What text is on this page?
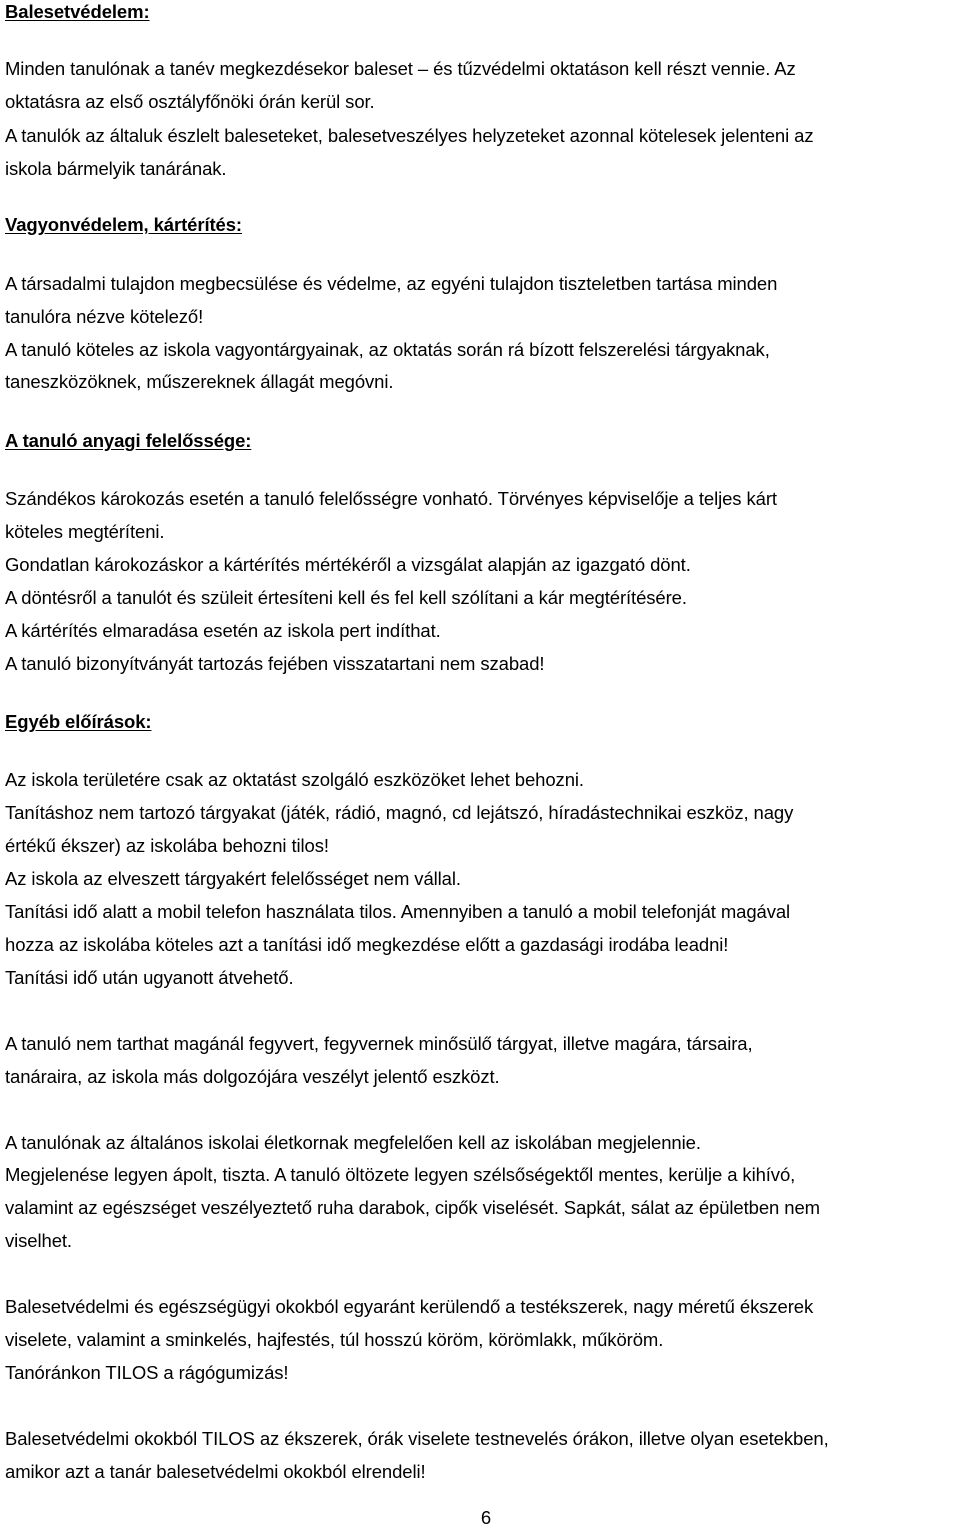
Balesetvédelem:
Minden tanulónak a tanév megkezdésekor baleset – és tűzvédelmi oktatáson kell részt vennie. Az
oktatásra az első osztályfőnöki órán kerül sor.
A tanulók az általuk észlelt baleseteket, balesetveszélyes helyzeteket azonnal kötelesek jelenteni az
iskola bármelyik tanárának.
Vagyonvédelem, kártérítés:
A társadalmi tulajdon megbecsülése és védelme, az egyéni tulajdon tiszteletben tartása minden
tanulóra nézve kötelező!
A tanuló köteles az iskola vagyontárgyainak, az oktatás során rá bízott felszerelési tárgyaknak,
taneszközöknek, műszereknek állagát megóvni.
A tanuló anyagi felelőssége:
Szándékos károkozás esetén a tanuló felelősségre vonható. Törvényes képviselője a teljes kárt
köteles megtéríteni.
Gondatlan károkozáskor a kártérítés mértékéről a vizsgálat alapján az igazgató dönt.
A döntésről a tanulót és szüleit értesíteni kell és fel kell szólítani a kár megtérítésére.
A kártérítés elmaradása esetén az iskola pert indíthat.
A tanuló bizonyítványát tartozás fejében visszatartani nem szabad!
Egyéb előírások:
Az iskola területére csak az oktatást szolgáló eszközöket lehet behozni.
Tanításhoz nem tartozó tárgyakat (játék, rádió, magnó, cd lejátszó, híradástechnikai eszköz, nagy
értékű ékszer) az iskolába behozni tilos!
Az iskola az elveszett tárgyakért felelősséget nem vállal.
Tanítási idő alatt a mobil telefon használata tilos. Amennyiben a tanuló a mobil telefonját magával
hozza az iskolába köteles azt a tanítási idő megkezdése előtt a gazdasági irodába leadni!
Tanítási idő után ugyanott átvehető.
A tanuló nem tarthat magánál fegyvert, fegyvernek minősülő tárgyat, illetve magára, társaira,
tanáraira, az iskola más dolgozójára veszélyt jelentő eszközt.
A tanulónak az általános iskolai életkornak megfelelően kell az iskolában megjelennie.
Megjelenése legyen ápolt, tiszta. A tanuló öltözete legyen szélsőségektől mentes, kerülje a kihívó,
valamint az egészséget veszélyeztető ruha darabok, cipők viselését. Sapkát, sálat az épületben nem
viselhet.
Balesetvédelmi és egészségügyi okokból egyaránt kerülendő a testékszerek, nagy méretű ékszerek
viselete, valamint a sminkelés, hajfestés, túl hosszú köröm, körömlakk, műköröm.
Tanóránkon TILOS a rágógumizás!
Balesetvédelmi okokból TILOS az ékszerek, órák viselete testnevelés órákon, illetve olyan esetekben,
amikor azt a tanár balesetvédelmi okokból elrendeli!
6
